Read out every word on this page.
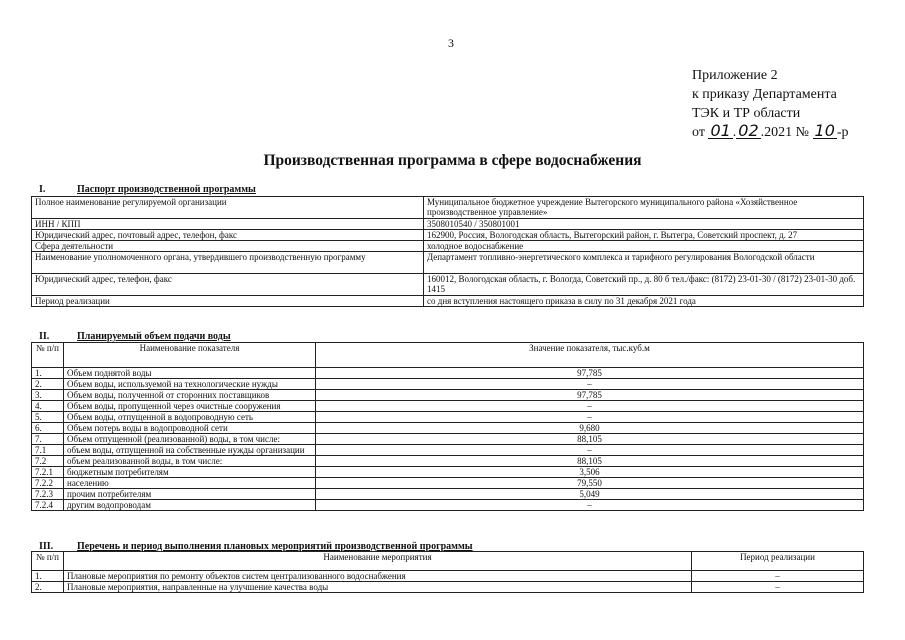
3
Приложение 2
к приказу Департамента
ТЭК и ТР области
от 01 . 02 .2021 № 10 -р
Производственная программа в сфере водоснабжения
I.	Паспорт производственной программы
Полное наименование регулируемой организации	Муниципальное бюджетное учреждение Вытегорского муниципального района «Хозяйственное производственное управление»
ИНН / КПП	3508010540 / 350801001
Юридический адрес, почтовый адрес, телефон, факс	162900, Россия, Вологодская область, Вытегорский район, г. Вытегра, Советский проспект, д. 27
Сфера деятельности	холодное водоснабжение
Наименование уполномоченного органа, утвердившего производственную программу	Департамент топливно-энергетического комплекса и тарифного регулирования Вологодской области
Юридический адрес, телефон, факс	160012, Вологодская область, г. Вологда, Советский пр., д. 80 б тел./факс: (8172) 23-01-30 / (8172) 23-01-30 доб. 1415
Период реализации	со дня вступления настоящего приказа в силу по 31 декабря 2021 года
II.	Планируемый объем подачи воды
№ п/п	Наименование показателя	Значение показателя, тыс.куб.м
1.	Объем поднятой воды	97,785
2.	Объем воды, используемой на технологические нужды	–
3.	Объем воды, полученной от сторонних поставщиков	97,785
4.	Объем воды, пропущенной через очистные сооружения	–
5.	Объем воды, отпущенной в водопроводную сеть	–
6.	Объем потерь воды в водопроводной сети	9,680
7.	Объем отпущенной (реализованной) воды, в том числе:	88,105
7.1	объем воды, отпущенной на собственные нужды организации	–
7.2	объем реализованной воды, в том числе:	88,105
7.2.1	бюджетным потребителям	3,506
7.2.2	населению	79,550
7.2.3	прочим потребителям	5,049
7.2.4	другим водопроводам	–
III. Перечень и период выполнения плановых мероприятий производственной программы
№ п/п	Наименование мероприятия	Период реализации
1.	Плановые мероприятия по ремонту объектов систем централизованного водоснабжения	–
2.	Плановые мероприятия, направленные на улучшение качества воды	–
